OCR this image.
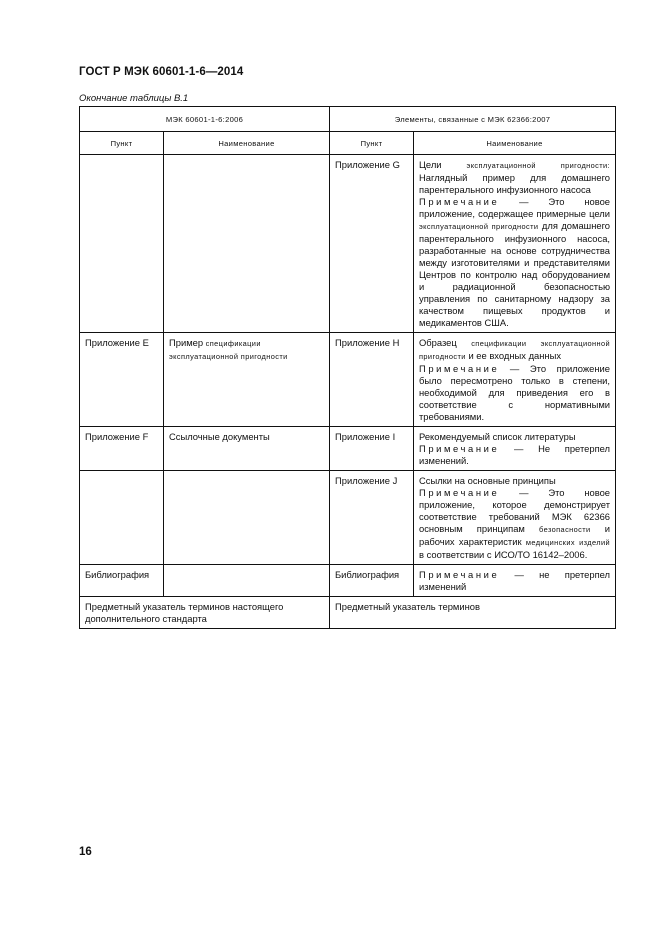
ГОСТ Р МЭК 60601-1-6—2014
Окончание таблицы В.1
МЭК 60601-1-6:2006		Элементы, связанные с МЭК 62366:2007	
Пункт	Наименование	Пункт	Наименование
		Приложение G	Цели эксплуатационной пригодности: Наглядный пример для домашнего парентерального инфузионного насоса
Примечание — Это новое приложение, содержащее примерные цели эксплуатационной пригодности для домашнего парентерального инфузионного насоса, разработанные на основе сотрудничества между изготовителями и представителями Центров по контролю над оборудованием и радиационной безопасностью управления по санитарному надзору за качеством пищевых продуктов и медикаментов США.

Приложение E	Пример спецификации эксплуатационной пригодности	Приложение H	Образец спецификации эксплуатационной пригодности и ее входных данных
Примечание — Это приложение было пересмотрено только в степени, необходимой для приведения его в соответствие с нормативными требованиями.

Приложение F	Ссылочные документы	Приложение I	Рекомендуемый список литературы
Примечание — Не претерпел изменений.

		Приложение J	Ссылки на основные принципы
Примечание — Это новое приложение, которое демонстрирует соответствие требований МЭК 62366 основным принципам безопасности и рабочих характеристик медицинских изделий в соответствии с ИСО/ТО 16142–2006.

Библиография		Библиография	Примечание — не претерпел изменений

Предметный указатель терминов настоящего дополнительного стандарта		Предметный указатель терминов	
16
